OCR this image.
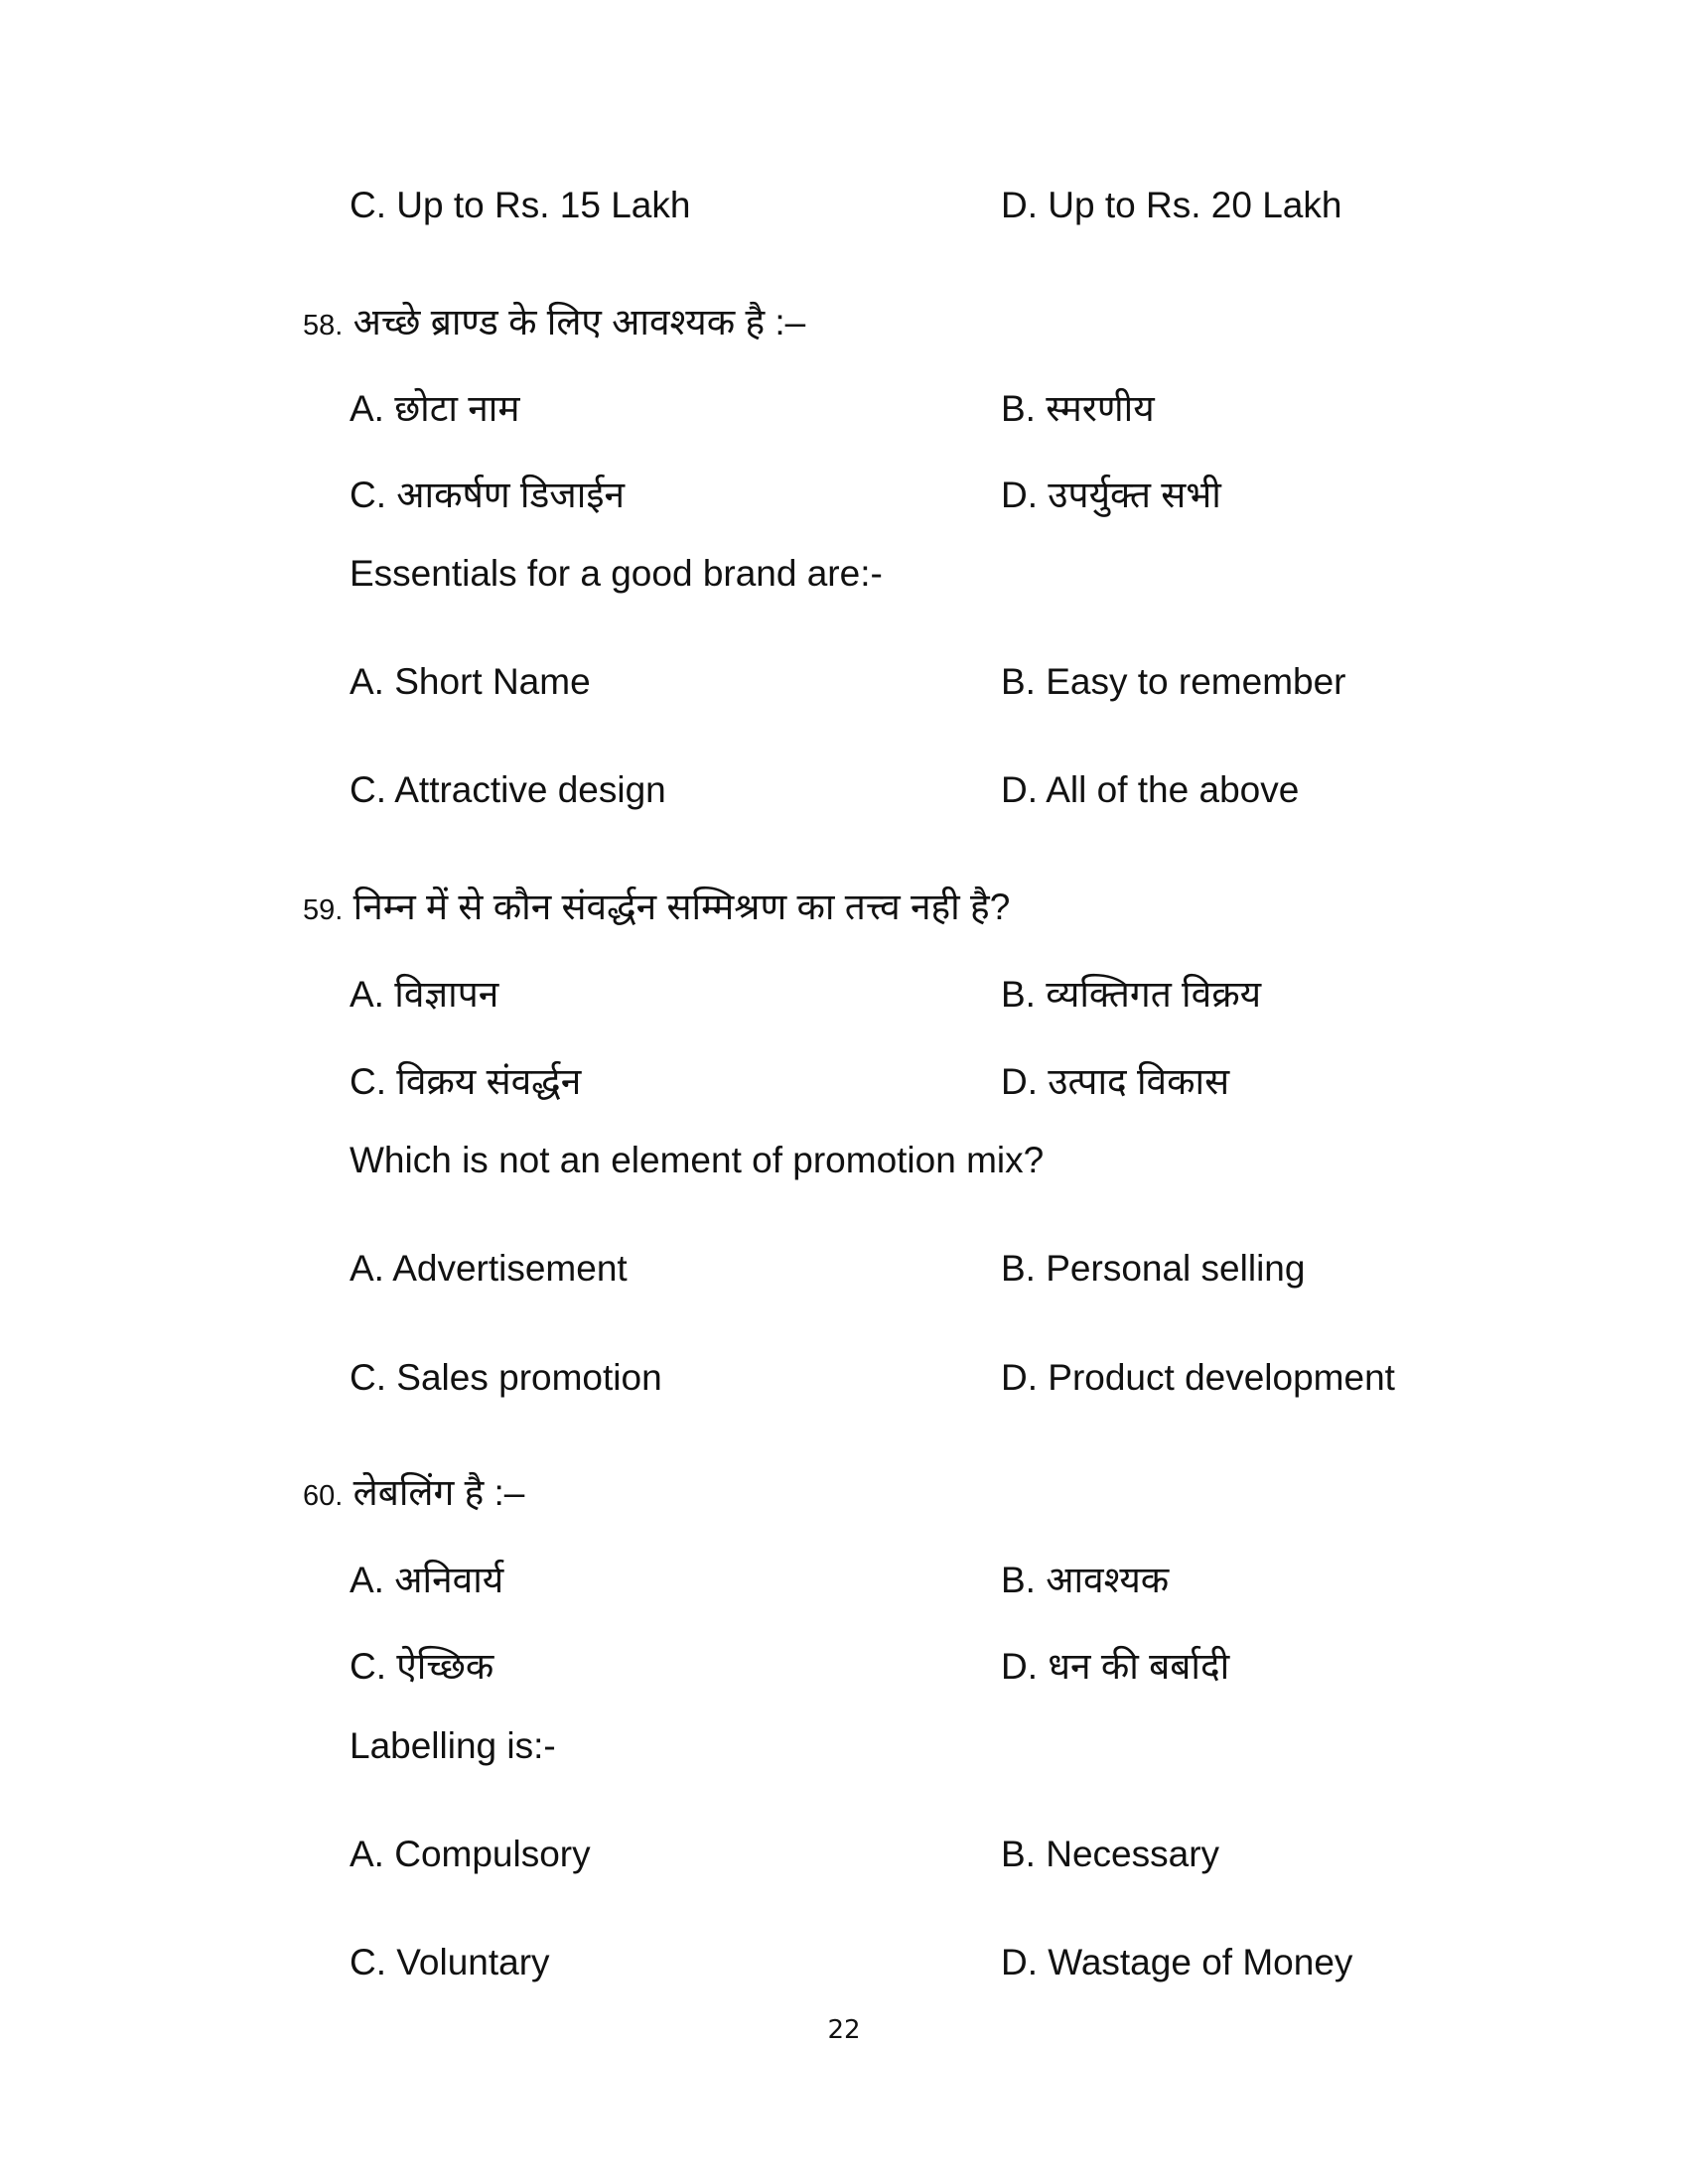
C. Up to Rs. 15 Lakh	D. Up to Rs. 20 Lakh
58. अच्छे ब्राण्ड के लिए आवश्यक है :–
A. छोटा नाम	B. स्मरणीय
C. आकर्षण डिजाईन	D. उपर्युक्त सभी
Essentials for a good brand are:-
A. Short Name	B. Easy to remember
C. Attractive design	D. All of the above
59. निम्न में से कौन संवर्द्धन सम्मिश्रण का तत्त्व नही है?
A. विज्ञापन	B. व्यक्तिगत विक्रय
C. विक्रय संवर्द्धन	D. उत्पाद विकास
Which is not an element of promotion mix?
A. Advertisement	B. Personal selling
C. Sales promotion	D. Product development
60. लेबलिंग है :–
A. अनिवार्य	B. आवश्यक
C. ऐच्छिक	D. धन की बर्बादी
Labelling is:-
A. Compulsory	B. Necessary
C. Voluntary	D. Wastage of Money
22
